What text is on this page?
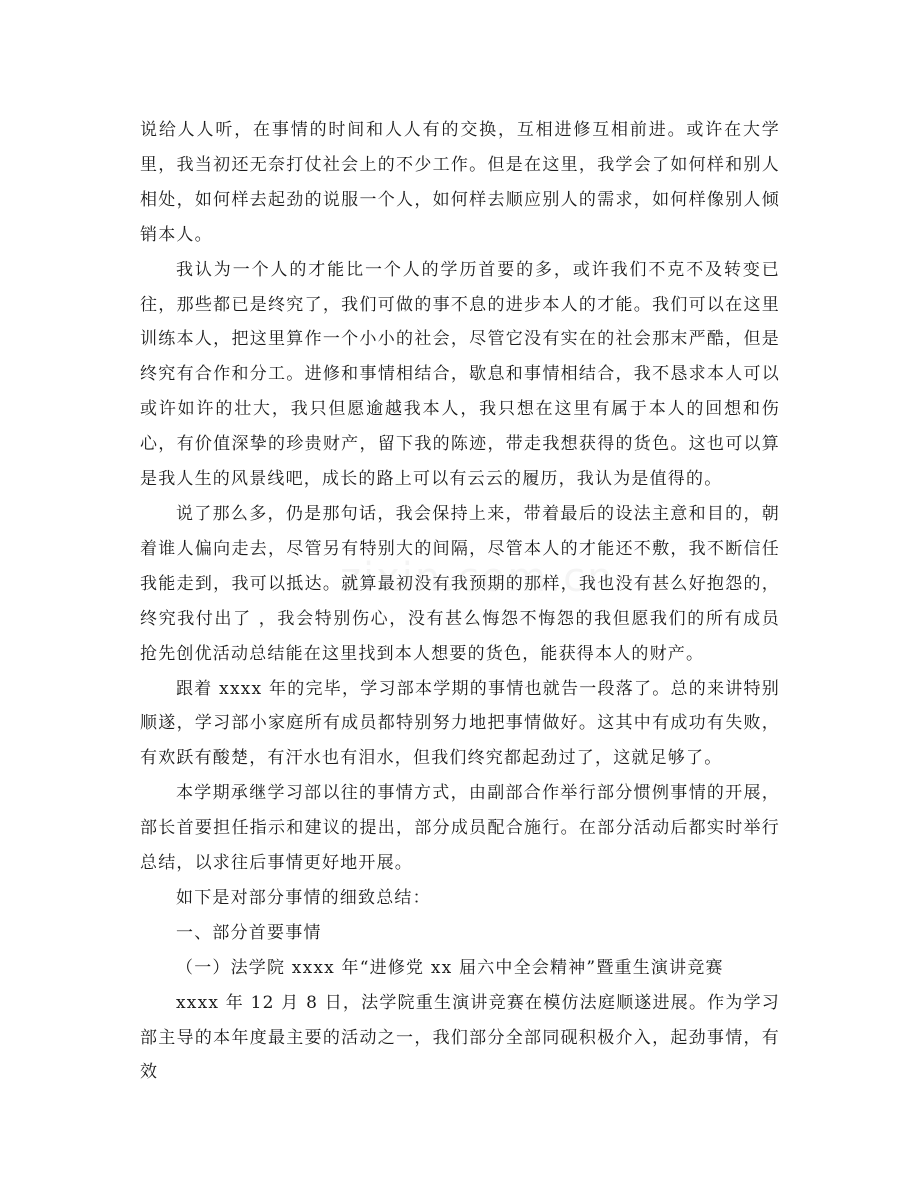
说给人人听，在事情的时间和人人有的交换，互相进修互相前进。或许在大学里，我当初还无奈打仗社会上的不少工作。但是在这里，我学会了如何样和别人相处，如何样去起劲的说服一个人，如何样去顺应别人的需求，如何样像别人倾销本人。

我认为一个人的才能比一个人的学历首要的多，或许我们不克不及转变已往，那些都已是终究了，我们可做的事不息的进步本人的才能。我们可以在这里训练本人，把这里算作一个小小的社会，尽管它没有实在的社会那末严酷，但是终究有合作和分工。进修和事情相结合，歇息和事情相结合，我不恳求本人可以或许如许的壮大，我只但愿逾越我本人，我只想在这里有属于本人的回想和伤心，有价值深挚的珍贵财产，留下我的陈迹，带走我想获得的货色。这也可以算是我人生的风景线吧，成长的路上可以有云云的履历，我认为是值得的。

说了那么多，仍是那句话，我会保持上来，带着最后的设法主意和目的，朝着谁人偏向走去，尽管另有特别大的间隔，尽管本人的才能还不敷，我不断信任我能走到，我可以抵达。就算最初没有我预期的那样，我也没有甚么好抱怨的，终究我付出了 ，我会特别伤心，没有甚么悔怨不悔怨的我但愿我们的所有成员抢先创优活动总结能在这里找到本人想要的货色，能获得本人的财产。

跟着 xxxx 年的完毕，学习部本学期的事情也就告一段落了。总的来讲特别顺遂，学习部小家庭所有成员都特别努力地把事情做好。这其中有成功有失败，有欢跃有酸楚，有汗水也有泪水，但我们终究都起劲过了，这就足够了。

本学期承继学习部以往的事情方式，由副部合作举行部分惯例事情的开展，部长首要担任指示和建议的提出，部分成员配合施行。在部分活动后都实时举行总结，以求往后事情更好地开展。

如下是对部分事情的细致总结：

一、部分首要事情

（一）法学院 xxxx 年“进修党 xx 届六中全会精神”暨重生演讲竞赛

xxxx 年 12 月 8 日，法学院重生演讲竞赛在模仿法庭顺遂进展。作为学习部主导的本年度最主要的活动之一，我们部分全部同砚积极介入，起劲事情，有效
